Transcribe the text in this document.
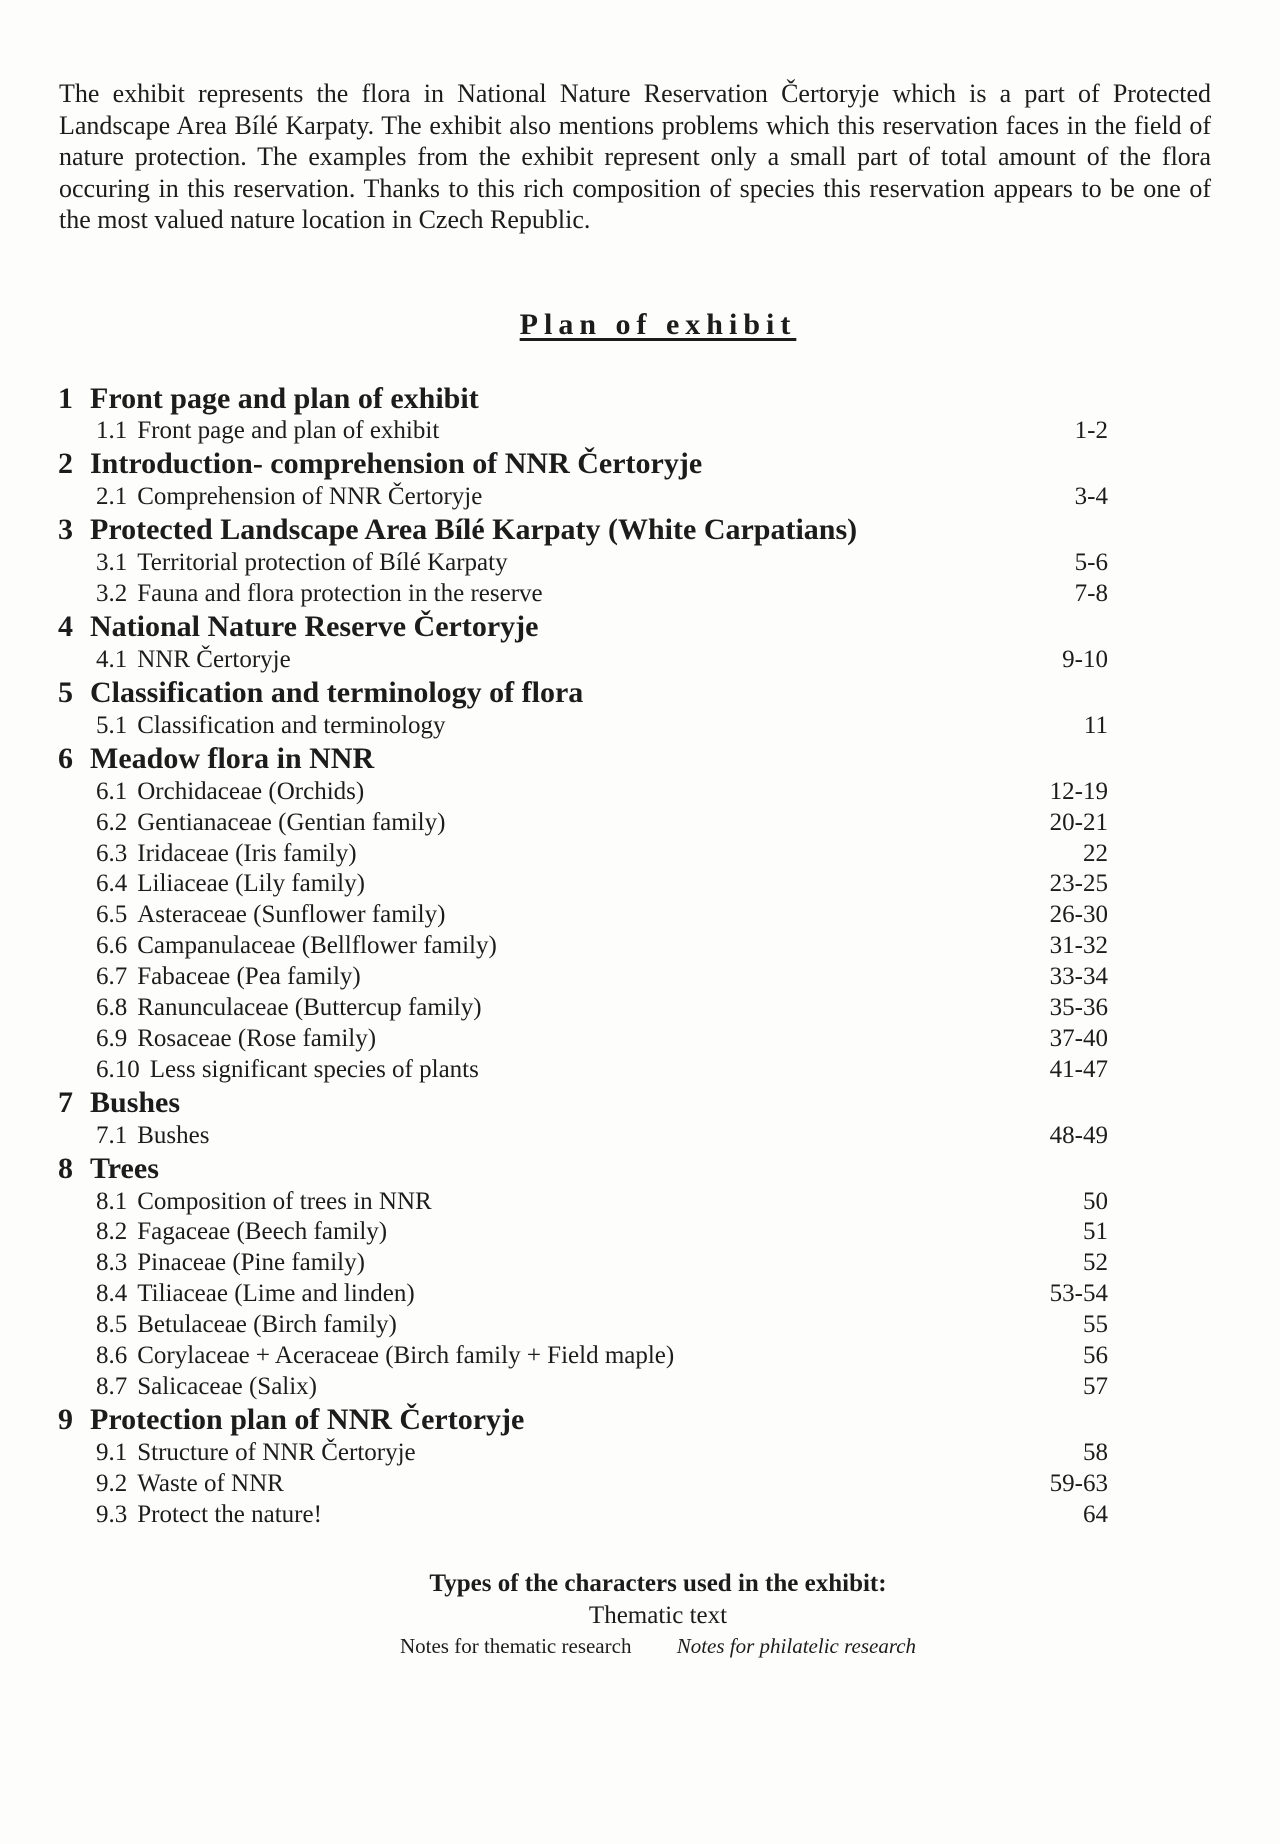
The exhibit represents the flora in National Nature Reservation Čertoryje which is a part of Protected Landscape Area Bílé Karpaty. The exhibit also mentions problems which this reservation faces in the field of nature protection. The examples from the exhibit represent only a small part of total amount of the flora occuring in this reservation. Thanks to this rich composition of species this reservation appears to be one of the most valued nature location in Czech Republic.

Plan of exhibit
1 Front page and plan of exhibit
1.1 Front page and plan of exhibit	1-2
2 Introduction- comprehension of NNR Čertoryje
2.1 Comprehension of NNR Čertoryje	3-4
3 Protected Landscape Area Bílé Karpaty (White Carpatians)
3.1 Territorial protection of Bílé Karpaty	5-6
3.2 Fauna and flora protection in the reserve	7-8
4 National Nature Reserve Čertoryje
4.1 NNR Čertoryje	9-10
5 Classification and terminology of flora
5.1 Classification and terminology	11
6 Meadow flora in NNR
6.1 Orchidaceae (Orchids)	12-19
6.2 Gentianaceae (Gentian family)	20-21
6.3 Iridaceae (Iris family)	22
6.4 Liliaceae (Lily family)	23-25
6.5 Asteraceae (Sunflower family)	26-30
6.6 Campanulaceae (Bellflower family)	31-32
6.7 Fabaceae (Pea family)	33-34
6.8 Ranunculaceae (Buttercup family)	35-36
6.9 Rosaceae (Rose family)	37-40
6.10 Less significant species of plants	41-47
7 Bushes
7.1 Bushes	48-49
8 Trees
8.1 Composition of trees in NNR	50
8.2 Fagaceae (Beech family)	51
8.3 Pinaceae (Pine family)	52
8.4 Tiliaceae (Lime and linden)	53-54
8.5 Betulaceae (Birch family)	55
8.6 Corylaceae + Aceraceae (Birch family + Field maple)	56
8.7 Salicaceae (Salix)	57
9 Protection plan of NNR Čertoryje
9.1 Structure of NNR Čertoryje	58
9.2 Waste of NNR	59-63
9.3 Protect the nature!	64
Types of the characters used in the exhibit:
Thematic text
Notes for thematic research Notes for philatelic research
